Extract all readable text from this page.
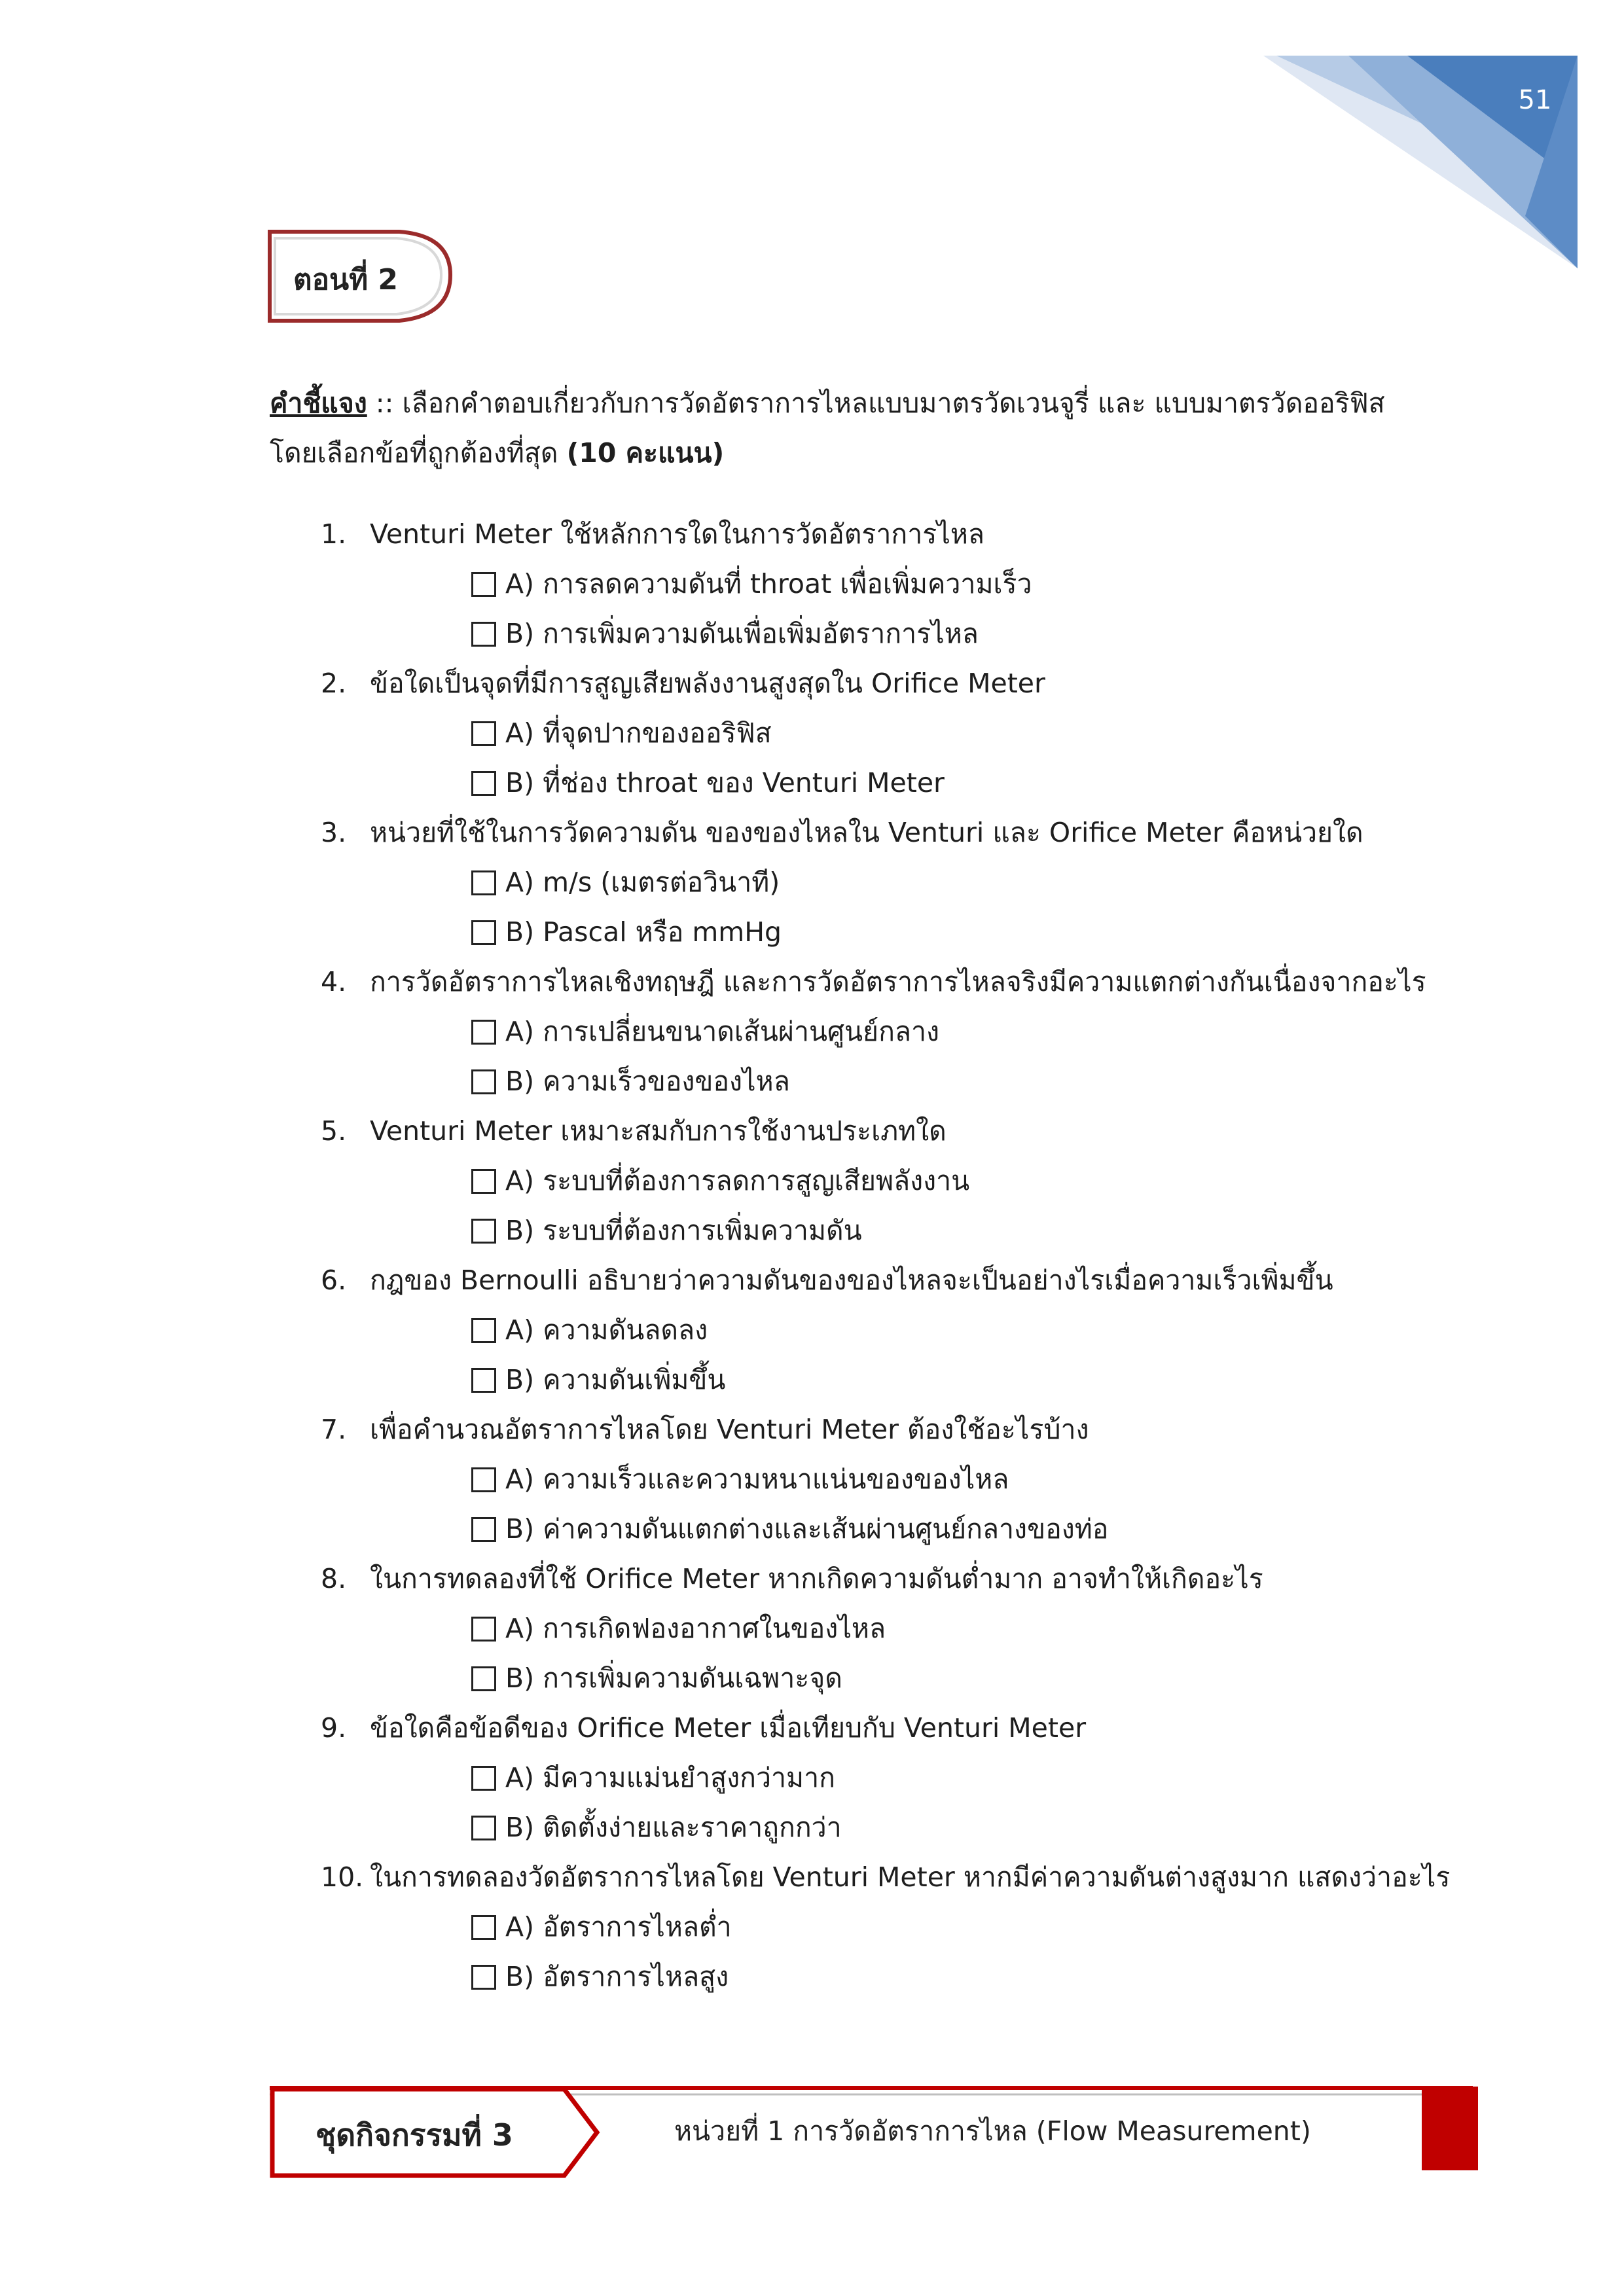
51
ตอนที่ 2
คำชี้แจง :: เลือกคำตอบเกี่ยวกับการวัดอัตราการไหลแบบมาตรวัดเวนจูรี่ และ แบบมาตรวัดออริฟิส
โดยเลือกข้อที่ถูกต้องที่สุด (10 คะแนน)
1. Venturi Meter ใช้หลักการใดในการวัดอัตราการไหล
A) การลดความดันที่ throat เพื่อเพิ่มความเร็ว
B) การเพิ่มความดันเพื่อเพิ่มอัตราการไหล
2. ข้อใดเป็นจุดที่มีการสูญเสียพลังงานสูงสุดใน Orifice Meter
A) ที่จุดปากของออริฟิส
B) ที่ช่อง throat ของ Venturi Meter
3. หน่วยที่ใช้ในการวัดความดัน ของของไหลใน Venturi และ Orifice Meter คือหน่วยใด
A) m/s (เมตรต่อวินาที)
B) Pascal หรือ mmHg
4. การวัดอัตราการไหลเชิงทฤษฎี และการวัดอัตราการไหลจริงมีความแตกต่างกันเนื่องจากอะไร
A) การเปลี่ยนขนาดเส้นผ่านศูนย์กลาง
B) ความเร็วของของไหล
5. Venturi Meter เหมาะสมกับการใช้งานประเภทใด
A) ระบบที่ต้องการลดการสูญเสียพลังงาน
B) ระบบที่ต้องการเพิ่มความดัน
6. กฎของ Bernoulli อธิบายว่าความดันของของไหลจะเป็นอย่างไรเมื่อความเร็วเพิ่มขึ้น
A) ความดันลดลง
B) ความดันเพิ่มขึ้น
7. เพื่อคำนวณอัตราการไหลโดย Venturi Meter ต้องใช้อะไรบ้าง
A) ความเร็วและความหนาแน่นของของไหล
B) ค่าความดันแตกต่างและเส้นผ่านศูนย์กลางของท่อ
8. ในการทดลองที่ใช้ Orifice Meter หากเกิดความดันต่ำมาก อาจทำให้เกิดอะไร
A) การเกิดฟองอากาศในของไหล
B) การเพิ่มความดันเฉพาะจุด
9. ข้อใดคือข้อดีของ Orifice Meter เมื่อเทียบกับ Venturi Meter
A) มีความแม่นยำสูงกว่ามาก
B) ติดตั้งง่ายและราคาถูกกว่า
10. ในการทดลองวัดอัตราการไหลโดย Venturi Meter หากมีค่าความดันต่างสูงมาก แสดงว่าอะไร
A) อัตราการไหลต่ำ
B) อัตราการไหลสูง
ชุดกิจกรรมที่ 3	หน่วยที่ 1 การวัดอัตราการไหล (Flow Measurement)
